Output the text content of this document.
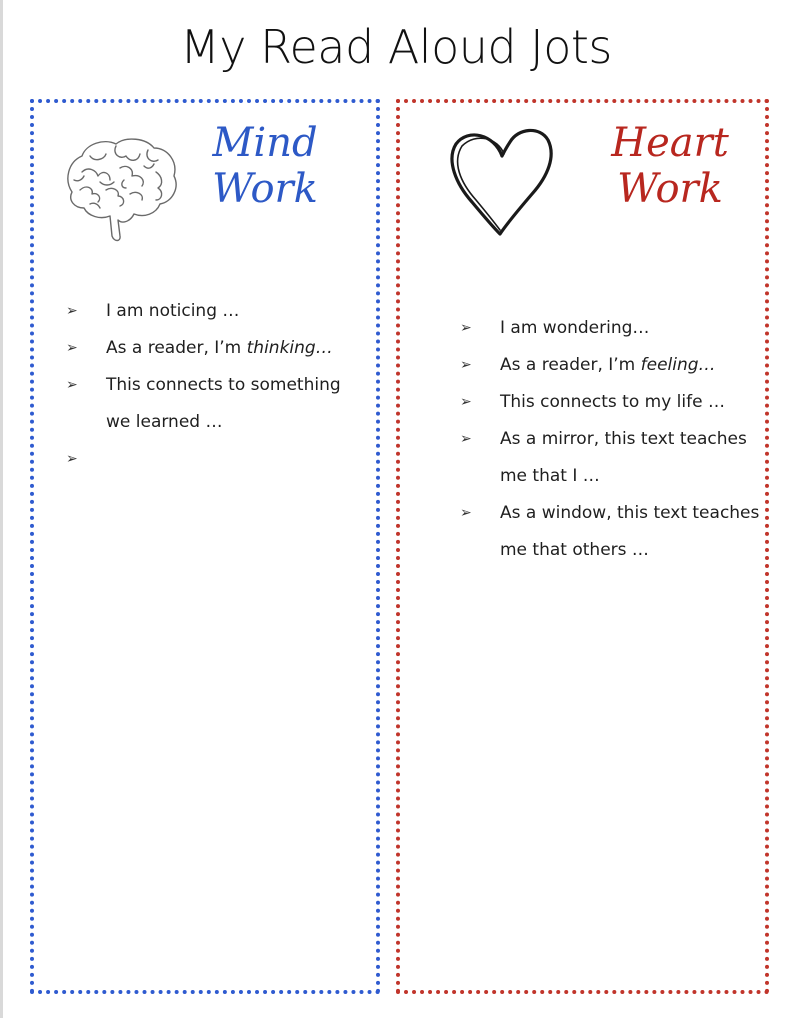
My Read Aloud Jots
Mind
Work
Heart
Work
➢	I am noticing …
➢	As a reader, I’m thinking…
➢	This connects to something we learned …
➢
➢	I am wondering…
➢	As a reader, I’m feeling…
➢	This connects to my life …
➢	As a mirror, this text teaches me that I …
➢	As a window, this text teaches me that others …
